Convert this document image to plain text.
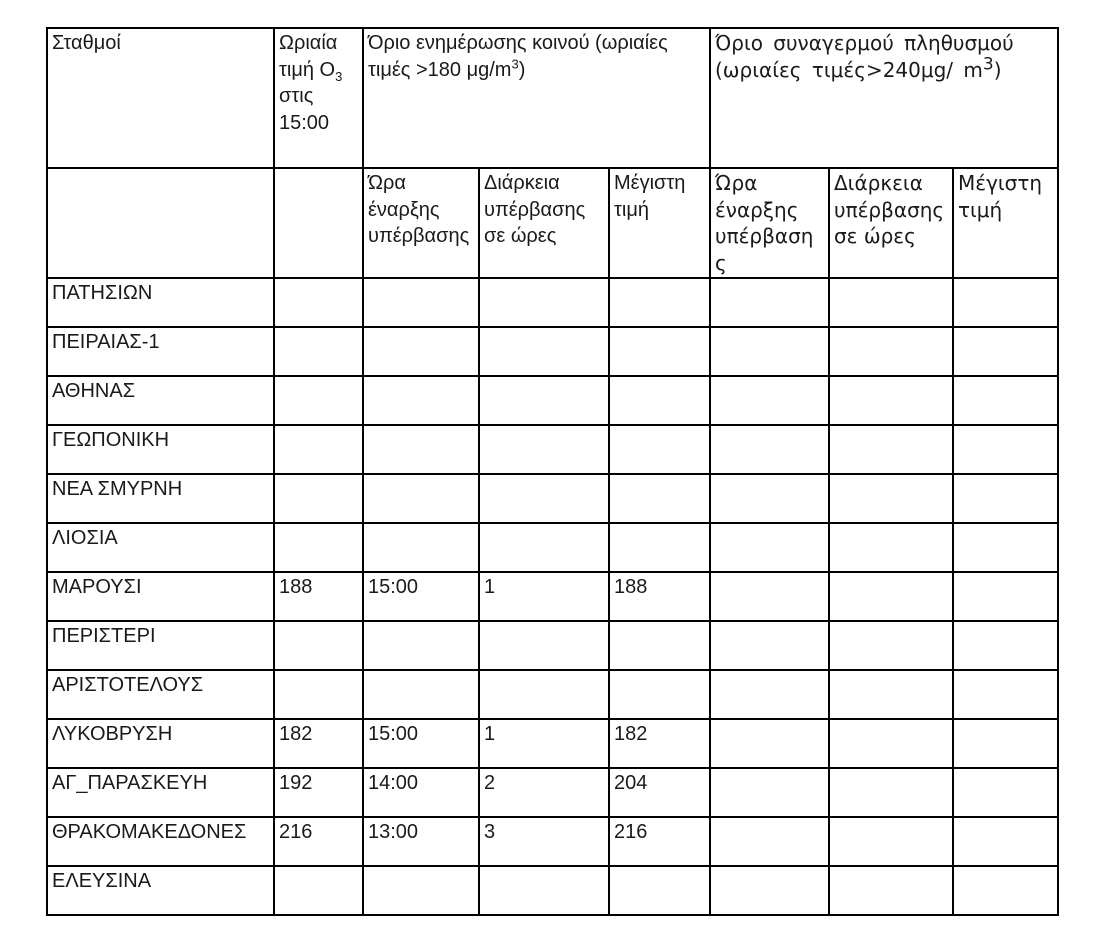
Σταθμοί	Ωριαία τιμή $O_3$ στις 15:00	Όριο ενημέρωσης κοινού (ωριαίες τιμές >180 $\mu g/m^3$)			Όριο συναγερμού πληθυσμού (ωριαίες τιμές>240μg/ $m^3$)		
		Ώρα έναρξης υπέρβασης	Διάρκεια υπέρβασης σε ώρες	Μέγιστη τιμή	Ώρα έναρξης υπέρβασης	Διάρκεια υπέρβασης σε ώρες	Μέγιστη τιμή
ΠΑΤΗΣΙΩΝ							
ΠΕΙΡΑΙΑΣ-1							
ΑΘΗΝΑΣ							
ΓΕΩΠΟΝΙΚΗ							
ΝΕΑ ΣΜΥΡΝΗ							
ΛΙΟΣΙΑ							
ΜΑΡΟΥΣΙ	188	15:00	1	188			
ΠΕΡΙΣΤΕΡΙ							
ΑΡΙΣΤΟΤΕΛΟΥΣ							
ΛΥΚΟΒΡΥΣΗ	182	15:00	1	182			
ΑΓ_ΠΑΡΑΣΚΕΥΗ	192	14:00	2	204			
ΘΡΑΚΟΜΑΚΕΔΟΝΕΣ	216	13:00	3	216			
ΕΛΕΥΣΙΝΑ							
